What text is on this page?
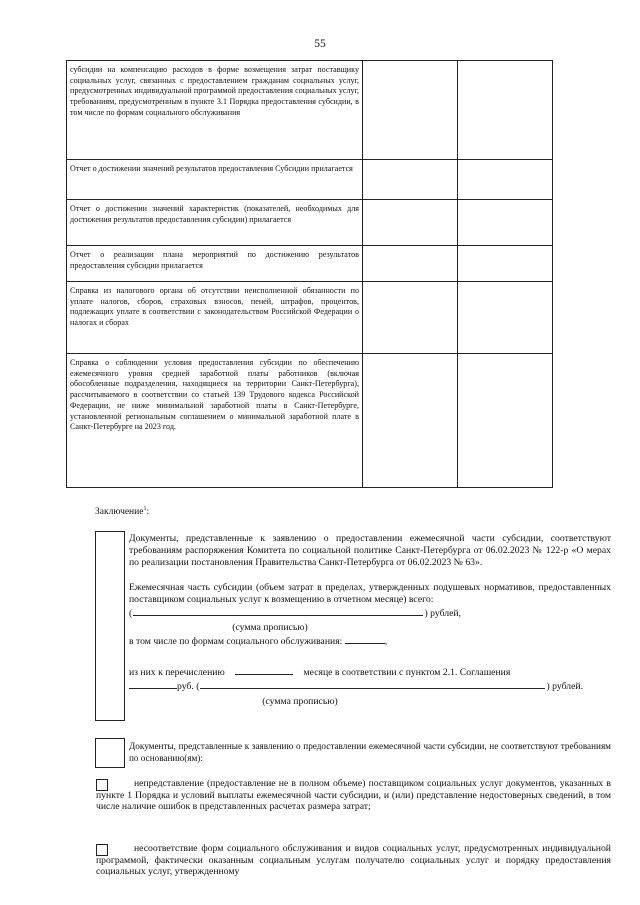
55
субсидии на компенсацию расходов в форме возмещения затрат поставщику социальных услуг, связанных с предоставлением гражданам социальных услуг, предусмотренных индивидуальной программой предоставления социальных услуг, требованиям, предусмотренным в пункте 3.1 Порядка предоставления субсидии, в том числе по формам социального обслуживания		
Отчет о достижении значений результатов предоставления Субсидии прилагается		
Отчет о достижении значений характеристик (показателей, необходимых для достижения результатов предоставления субсидии) прилагается		
Отчет о реализации плана мероприятий по достижению результатов предоставления субсидии прилагается		
Справка из налогового органа об отсутствии неисполненной обязанности по уплате налогов, сборов, страховых взносов, пеней, штрафов, процентов, подлежащих уплате в соответствии с законодательством Российской Федерации о налогах и сборах		
Справка о соблюдении условия предоставления субсидии по обеспечению ежемесячного уровня средней заработной платы работников (включая обособленные подразделения, находящиеся на территории Санкт-Петербурга), рассчитываемого в соответствии со статьей 139 Трудового кодекса Российской Федерации, не ниже минимальной заработной платы в Санкт-Петербурге, установленной региональным соглашением о минимальной заработной плате в Санкт-Петербурге на 2023 год.		
Заключение$^1$:
Документы, представленные к заявлению о предоставлении ежемесячной части субсидии, соответствуют требованиям распоряжения Комитета по социальной политике Санкт-Петербурга от 06.02.2023 № 122-р «О мерах по реализации постановления Правительства Санкт-Петербурга от 06.02.2023 № 63».
Ежемесячная часть субсидии (объем затрат в пределах, утвержденных подушевых нормативов, предоставленных поставщиком социальных услуг к возмещению в отчетном месяце) всего:
(	) рублей,
(сумма прописью)
в том числе по формам социального обслуживания:	,
из них к перечислению	месяце в соответствии с пунктом 2.1. Соглашения
руб. (	) рублей.
(сумма прописью)
Документы, представленные к заявлению о предоставлении ежемесячной части субсидии, не соответствуют требованиям по основанию(ям):
непредставление (предоставление не в полном объеме) поставщиком социальных услуг документов, указанных в пункте 1 Порядка и условий выплаты ежемесячной части субсидии, и (или) представление недостоверных сведений, в том числе наличие ошибок в представленных расчетах размера затрат;
несоответствие форм социального обслуживания и видов социальных услуг, предусмотренных индивидуальной программой, фактически оказанным социальным услугам получателю социальных услуг и порядку предоставления социальных услуг, утвержденному
